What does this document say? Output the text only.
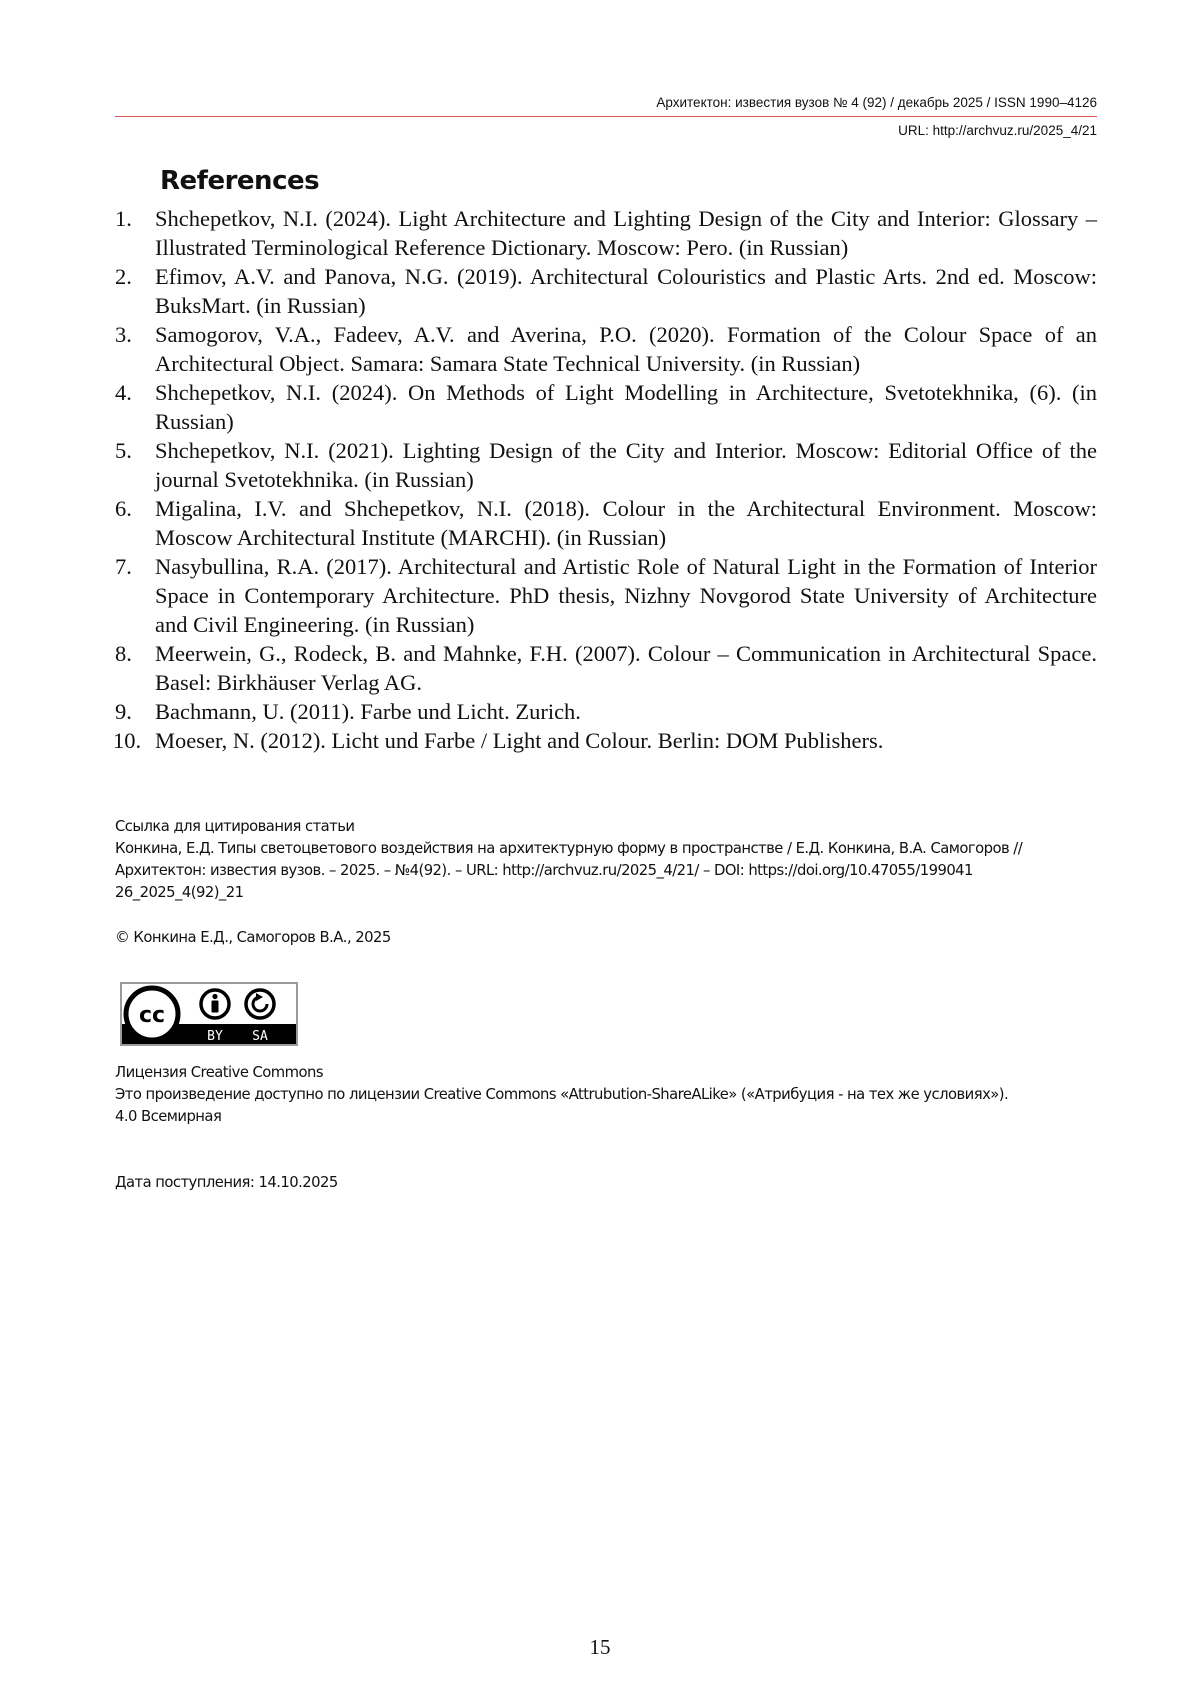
Архитектон: известия вузов № 4 (92) / декабрь 2025 / ISSN 1990–4126
URL: http://archvuz.ru/2025_4/21
References
1.	Shchepetkov, N.I. (2024). Light Architecture and Lighting Design of the City and Interior: Glossary – Illustrated Terminological Reference Dictionary. Moscow: Pero. (in Russian)
2.	Efimov, A.V. and Panova, N.G. (2019). Architectural Colouristics and Plastic Arts. 2nd ed. Moscow: BuksMart. (in Russian)
3.	Samogorov, V.A., Fadeev, A.V. and Averina, P.O. (2020). Formation of the Colour Space of an Architectural Object. Samara: Samara State Technical University. (in Russian)
4.	Shchepetkov, N.I. (2024). On Methods of Light Modelling in Architecture, Svetotekhnika, (6). (in Russian)
5.	Shchepetkov, N.I. (2021). Lighting Design of the City and Interior. Moscow: Editorial Office of the journal Svetotekhnika. (in Russian)
6.	Migalina, I.V. and Shchepetkov, N.I. (2018). Colour in the Architectural Environment. Moscow: Moscow Architectural Institute (MARCHI). (in Russian)
7.	Nasybullina, R.A. (2017). Architectural and Artistic Role of Natural Light in the Formation of Interior Space in Contemporary Architecture. PhD thesis, Nizhny Novgorod State University of Architecture and Civil Engineering. (in Russian)
8.	Meerwein, G., Rodeck, B. and Mahnke, F.H. (2007). Colour – Communication in Architectural Space. Basel: Birkhäuser Verlag AG.
9.	Bachmann, U. (2011). Farbe und Licht. Zurich.
10. Moeser, N. (2012). Licht und Farbe / Light and Colour. Berlin: DOM Publishers.
Ссылка для цитирования статьи
Конкина, Е.Д. Типы светоцветового воздействия на архитектурную форму в пространстве / Е.Д. Конкина, В.А. Самогоров //
Архитектон: известия вузов. – 2025. – №4(92). – URL: http://archvuz.ru/2025_4/21/ – DOI: https://doi.org/10.47055/199041
26_2025_4(92)_21
© Конкина Е.Д., Самогоров В.А., 2025
cc
BY SA
Лицензия Creative Commons
Это произведение доступно по лицензии Creative Commons «Attrubution-ShareALike» («Атрибуция - на тех же условиях»).
4.0 Всемирная
Дата поступления: 14.10.2025
15
